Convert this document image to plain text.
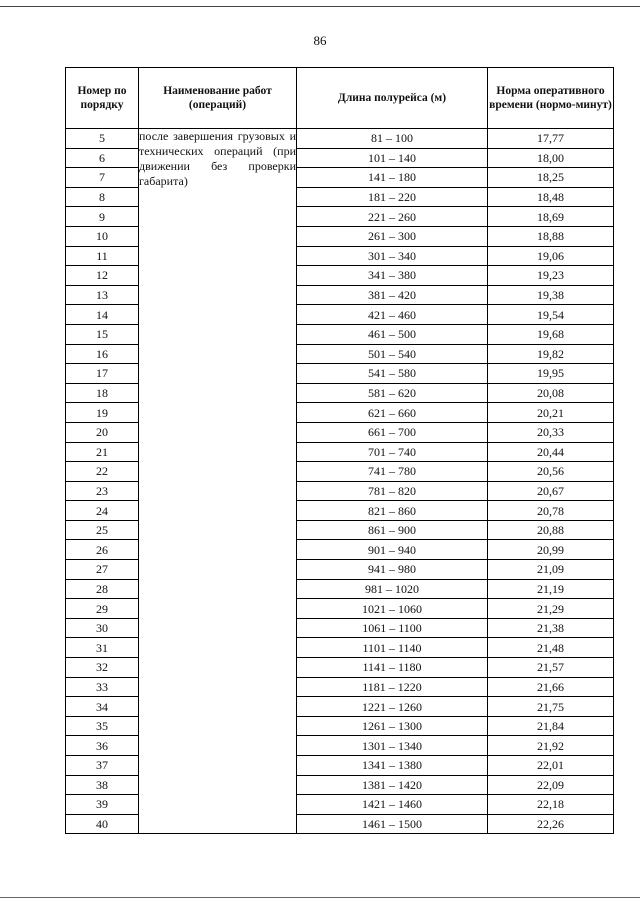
86
Номер по порядку	Наименование работ (операций)	Длина полурейса (м)	Норма оперативного времени (нормо-минут)
5	после завершения грузовых и технических операций (при движении без проверки габарита)	81 – 100	17,77
6		101 – 140	18,00
7		141 – 180	18,25
8		181 – 220	18,48
9		221 – 260	18,69
10		261 – 300	18,88
11		301 – 340	19,06
12		341 – 380	19,23
13		381 – 420	19,38
14		421 – 460	19,54
15		461 – 500	19,68
16		501 – 540	19,82
17		541 – 580	19,95
18		581 – 620	20,08
19		621 – 660	20,21
20		661 – 700	20,33
21		701 – 740	20,44
22		741 – 780	20,56
23		781 – 820	20,67
24		821 – 860	20,78
25		861 – 900	20,88
26		901 – 940	20,99
27		941 – 980	21,09
28		981 – 1020	21,19
29		1021 – 1060	21,29
30		1061 – 1100	21,38
31		1101 – 1140	21,48
32		1141 – 1180	21,57
33		1181 – 1220	21,66
34		1221 – 1260	21,75
35		1261 – 1300	21,84
36		1301 – 1340	21,92
37		1341 – 1380	22,01
38		1381 – 1420	22,09
39		1421 – 1460	22,18
40		1461 – 1500	22,26
